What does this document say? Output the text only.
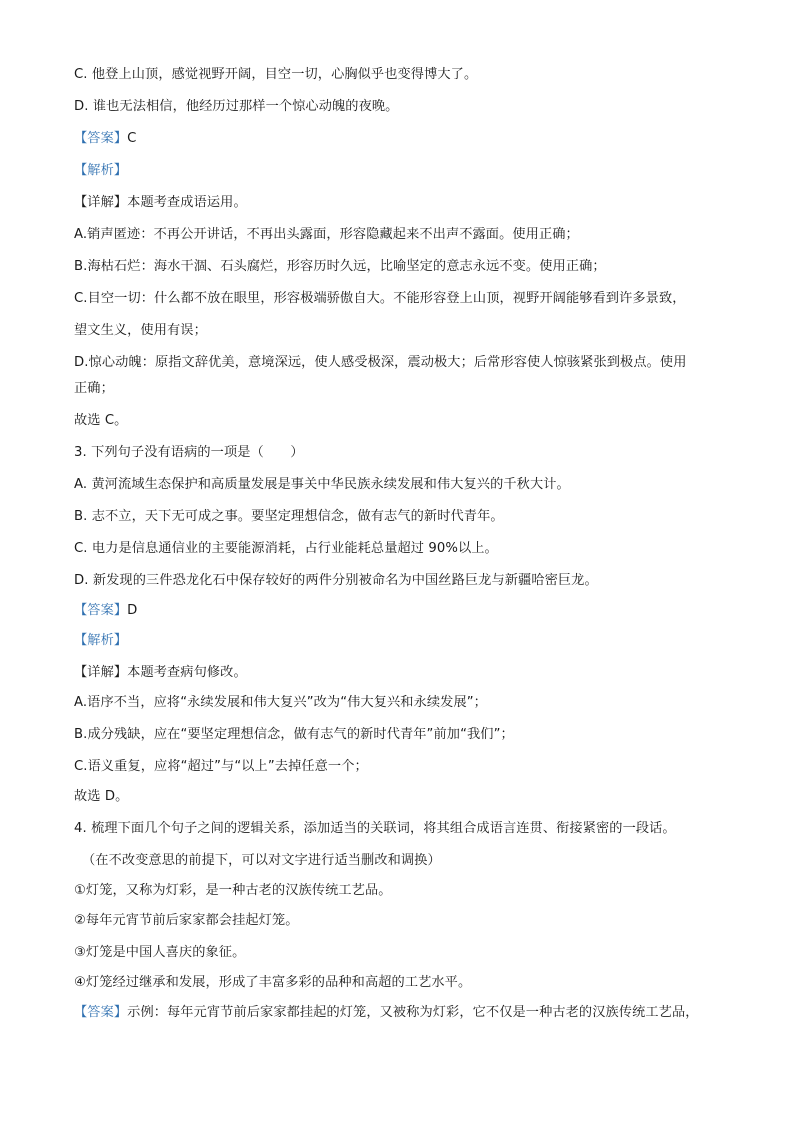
C. 他登上山顶，感觉视野开阔，目空一切，心胸似乎也变得博大了。
D. 谁也无法相信，他经历过那样一个惊心动魄的夜晚。
【答案】C
【解析】
【详解】本题考查成语运用。
A.销声匿迹：不再公开讲话，不再出头露面，形容隐藏起来不出声不露面。使用正确；
B.海枯石烂：海水干涸、石头腐烂，形容历时久远，比喻坚定的意志永远不变。使用正确；
C.目空一切：什么都不放在眼里，形容极端骄傲自大。不能形容登上山顶，视野开阔能够看到许多景致，
望文生义，使用有误；
D.惊心动魄：原指文辞优美，意境深远，使人感受极深，震动极大；后常形容使人惊骇紧张到极点。使用
正确；
故选 C。
3. 下列句子没有语病的一项是（　　）
A. 黄河流域生态保护和高质量发展是事关中华民族永续发展和伟大复兴的千秋大计。
B. 志不立，天下无可成之事。要坚定理想信念，做有志气的新时代青年。
C. 电力是信息通信业的主要能源消耗，占行业能耗总量超过 90%以上。
D. 新发现的三件恐龙化石中保存较好的两件分别被命名为中国丝路巨龙与新疆哈密巨龙。
【答案】D
【解析】
【详解】本题考查病句修改。
A.语序不当，应将“永续发展和伟大复兴”改为“伟大复兴和永续发展”；
B.成分残缺，应在“要坚定理想信念，做有志气的新时代青年”前加“我们”；
C.语义重复，应将“超过”与“以上”去掉任意一个；
故选 D。
4. 梳理下面几个句子之间的逻辑关系，添加适当的关联词，将其组合成语言连贯、衔接紧密的一段话。
（在不改变意思的前提下，可以对文字进行适当删改和调换）
①灯笼，又称为灯彩，是一种古老的汉族传统工艺品。
②每年元宵节前后家家都会挂起灯笼。
③灯笼是中国人喜庆的象征。
④灯笼经过继承和发展，形成了丰富多彩的品种和高超的工艺水平。
【答案】示例：每年元宵节前后家家都挂起的灯笼，又被称为灯彩，它不仅是一种古老的汉族传统工艺品，
